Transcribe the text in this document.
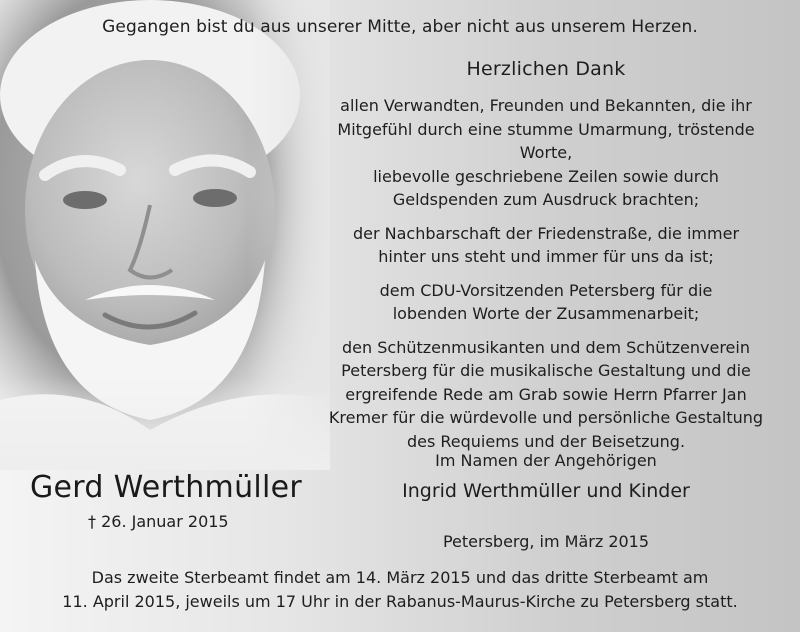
Gegangen bist du aus unserer Mitte, aber nicht aus unserem Herzen.
Herzlichen Dank

allen Verwandten, Freunden und Bekannten, die ihr
Mitgefühl durch eine stumme Umarmung, tröstende Worte,
liebevolle geschriebene Zeilen sowie durch
Geldspenden zum Ausdruck brachten;

der Nachbarschaft der Friedenstraße, die immer
hinter uns steht und immer für uns da ist;

dem CDU-Vorsitzenden Petersberg für die
lobenden Worte der Zusammenarbeit;

den Schützenmusikanten und dem Schützenverein
Petersberg für die musikalische Gestaltung und die
ergreifende Rede am Grab sowie Herrn Pfarrer Jan
Kremer für die würdevolle und persönliche Gestaltung
des Requiems und der Beisetzung.

Gerd Werthmüller
† 26. Januar 2015
Im Namen der Angehörigen
Ingrid Werthmüller und Kinder
Petersberg, im März 2015
Das zweite Sterbeamt findet am 14. März 2015 und das dritte Sterbeamt am
11. April 2015, jeweils um 17 Uhr in der Rabanus-Maurus-Kirche zu Petersberg statt.
